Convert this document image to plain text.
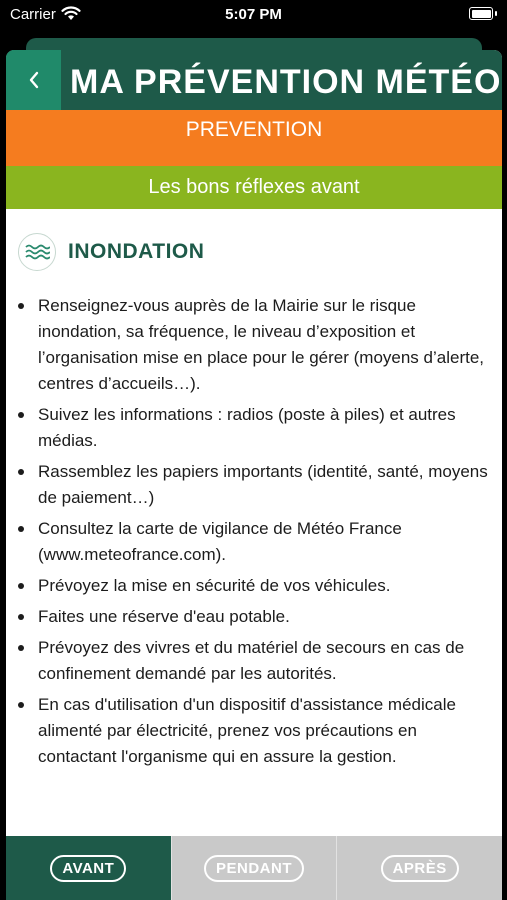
Carrier	5:07 PM
MA PRÉVENTION MÉTÉO
PREVENTION
Les bons réflexes avant
INONDATION
Renseignez-vous auprès de la Mairie sur le risque inondation, sa fréquence, le niveau d’exposition et l’organisation mise en place pour le gérer (moyens d’alerte, centres d’accueils…).
Suivez les informations : radios (poste à piles) et autres médias.
Rassemblez les papiers importants (identité, santé, moyens de paiement…)
Consultez la carte de vigilance de Météo France (www.meteofrance.com).
Prévoyez la mise en sécurité de vos véhicules.
Faites une réserve d'eau potable.
Prévoyez des vivres et du matériel de secours en cas de confinement demandé par les autorités.
En cas d'utilisation d'un dispositif d'assistance médicale alimenté par électricité, prenez vos précautions en contactant l'organisme qui en assure la gestion.
AVANT	PENDANT	APRÈS
